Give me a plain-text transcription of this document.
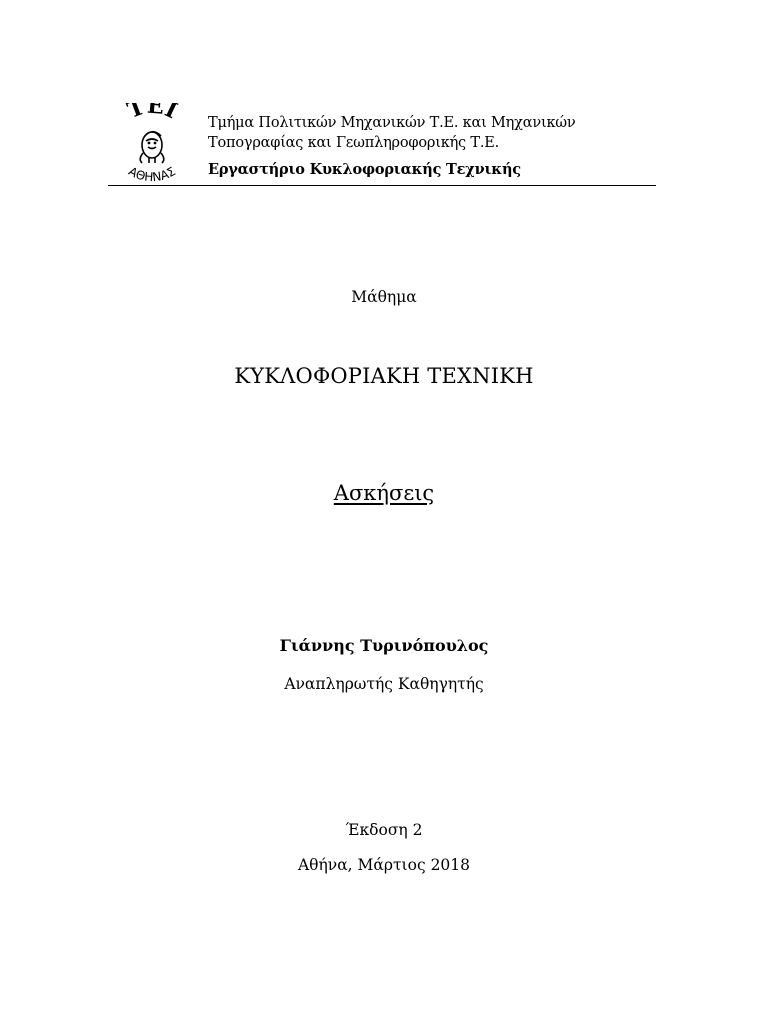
ΤΕΙ
ΑΘΗΝΑΣ
Τμήμα Πολιτικών Μηχανικών Τ.Ε. και Μηχανικών
Τοπογραφίας και Γεωπληροφορικής Τ.Ε.
Εργαστήριο Κυκλοφοριακής Τεχνικής
Μάθημα
ΚΥΚΛΟΦΟΡΙΑΚΗ ΤΕΧΝΙΚΗ
Ασκήσεις
Γιάννης Τυρινόπουλος
Αναπληρωτής Καθηγητής
Έκδοση 2
Αθήνα, Μάρτιος 2018
